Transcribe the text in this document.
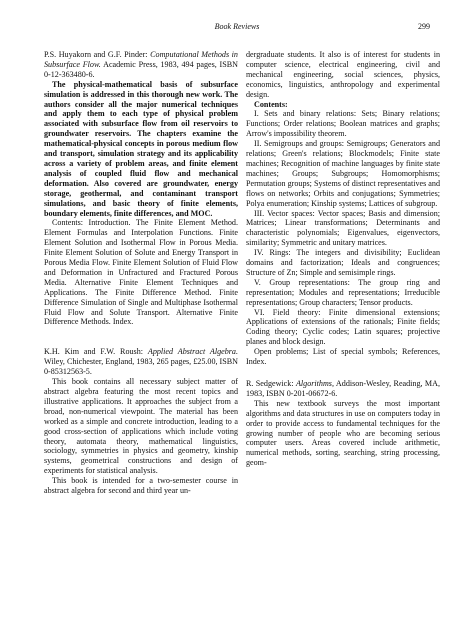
Book Reviews	299

P.S. Huyakorn and G.F. Pinder: Computational Methods in Subsurface Flow. Academic Press, 1983, 494 pages, ISBN 0-12-363480-6.

The physical-mathematical basis of subsurface simulation is addressed in this thorough new work. The authors consider all the major numerical techniques and apply them to each type of physical problem associated with subsurface flow from oil reservoirs to groundwater reservoirs. The chapters examine the mathematical-physical concepts in porous medium flow and transport, simulation strategy and its applicability across a variety of problem areas, and finite element analysis of coupled fluid flow and mechanical deformation. Also covered are groundwater, energy storage, geothermal, and contaminant transport simulations, and basic theory of finite elements, boundary elements, finite differences, and MOC.

Contents: Introduction. The Finite Element Method. Element Formulas and Interpolation Functions. Finite Element Solution and Isothermal Flow in Porous Media. Finite Element Solution of Solute and Energy Transport in Porous Media Flow. Finite Element Solution of Fluid Flow and Deformation in Unfractured and Fractured Porous Media. Alternative Finite Element Techniques and Applications. The Finite Difference Method. Finite Difference Simulation of Single and Multiphase Isothermal Fluid Flow and Solute Transport. Alternative Finite Difference Methods. Index.

K.H. Kim and F.W. Roush: Applied Abstract Algebra. Wiley, Chichester, England, 1983, 265 pages, £25.00, ISBN 0-85312563-5.

This book contains all necessary subject matter of abstract algebra featuring the most recent topics and illustrative applications. It approaches the subject from a broad, non-numerical viewpoint. The material has been worked as a simple and concrete introduction, leading to a good cross-section of applications which include voting theory, automata theory, mathematical linguistics, sociology, symmetries in physics and geometry, kinship systems, geometrical constructions and design of experiments for statistical analysis.

This book is intended for a two-semester course in abstract algebra for second and third year un-

dergraduate students. It also is of interest for students in computer science, electrical engineering, civil and mechanical engineering, social sciences, physics, economics, linguistics, anthropology and experimental design.

Contents:

I. Sets and binary relations: Sets; Binary relations; Functions; Order relations; Boolean matrices and graphs; Arrow's impossibility theorem.

II. Semigroups and groups: Semigroups; Generators and relations; Green's relations; Blockmodels; Finite state machines; Recognition of machine languages by finite state machines; Groups; Subgroups; Homomorphisms; Permutation groups; Systems of distinct representatives and flows on networks; Orbits and conjugations; Symmetries; Polya enumeration; Kinship systems; Lattices of subgroup.

III. Vector spaces: Vector spaces; Basis and dimension; Matrices; Linear transformations; Determinants and characteristic polynomials; Eigenvalues, eigenvectors, similarity; Symmetric and unitary matrices.

IV. Rings: The integers and divisibility; Euclidean domains and factorization; Ideals and congruences; Structure of Zn; Simple and semisimple rings.

V. Group representations: The group ring and representation; Modules and representations; Irreducible representations; Group characters; Tensor products.

VI. Field theory: Finite dimensional extensions; Applications of extensions of the rationals; Finite fields; Coding theory; Cyclic codes; Latin squares; projective planes and block design.

Open problems; List of special symbols; References, Index.

R. Sedgewick: Algorithms, Addison-Wesley, Reading, MA, 1983, ISBN 0-201-06672-6.

This new textbook surveys the most important algorithms and data structures in use on computers today in order to provide access to fundamental techniques for the growing number of people who are becoming serious computer users. Areas covered include arithmetic, numerical methods, sorting, searching, string processing, geom-
